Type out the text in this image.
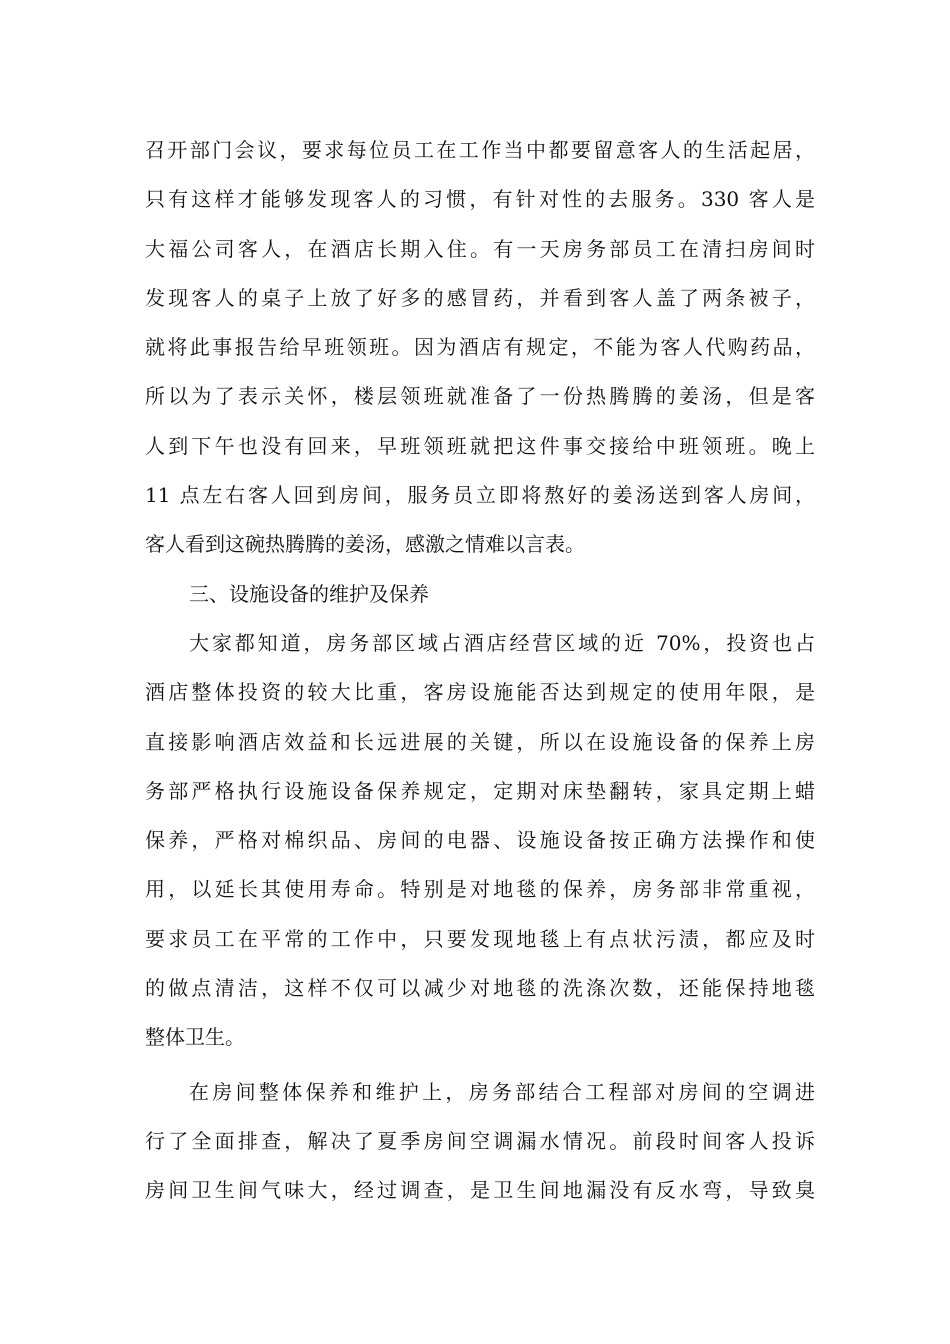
召开部门会议，要求每位员工在工作当中都要留意客人的生活起居，
只有这样才能够发现客人的习惯，有针对性的去服务。330 客人是
大福公司客人，在酒店长期入住。有一天房务部员工在清扫房间时
发现客人的桌子上放了好多的感冒药，并看到客人盖了两条被子，
就将此事报告给早班领班。因为酒店有规定，不能为客人代购药品，
所以为了表示关怀，楼层领班就准备了一份热腾腾的姜汤，但是客
人到下午也没有回来，早班领班就把这件事交接给中班领班。晚上
11 点左右客人回到房间，服务员立即将熬好的姜汤送到客人房间，
客人看到这碗热腾腾的姜汤，感激之情难以言表。
三、设施设备的维护及保养
大家都知道，房务部区域占酒店经营区域的近 70%，投资也占
酒店整体投资的较大比重，客房设施能否达到规定的使用年限，是
直接影响酒店效益和长远进展的关键，所以在设施设备的保养上房
务部严格执行设施设备保养规定，定期对床垫翻转，家具定期上蜡
保养，严格对棉织品、房间的电器、设施设备按正确方法操作和使
用，以延长其使用寿命。特别是对地毯的保养，房务部非常重视，
要求员工在平常的工作中，只要发现地毯上有点状污渍，都应及时
的做点清洁，这样不仅可以减少对地毯的洗涤次数，还能保持地毯
整体卫生。
在房间整体保养和维护上，房务部结合工程部对房间的空调进
行了全面排查，解决了夏季房间空调漏水情况。前段时间客人投诉
房间卫生间气味大，经过调查，是卫生间地漏没有反水弯，导致臭
